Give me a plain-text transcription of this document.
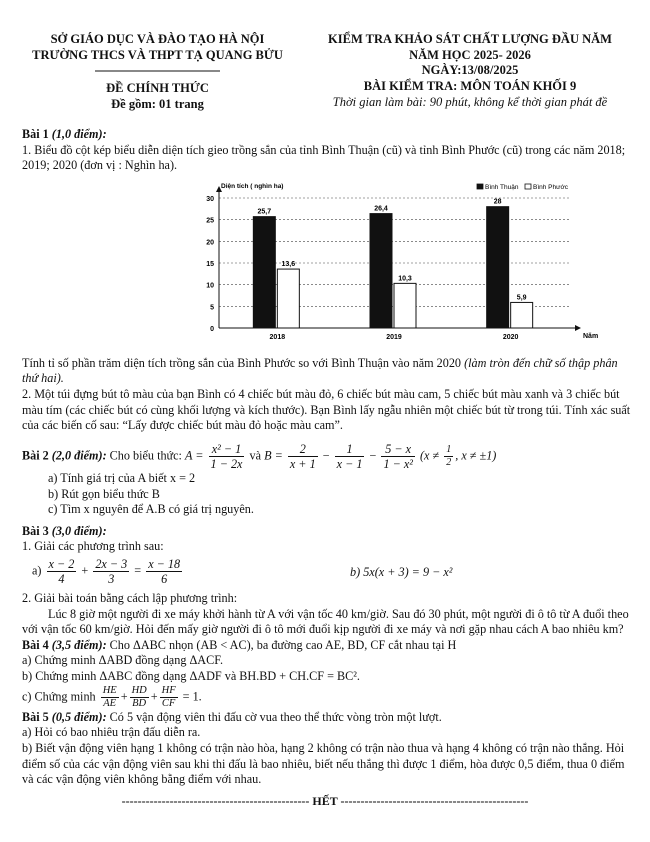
SỞ GIÁO DỤC VÀ ĐÀO TẠO HÀ NỘI
TRƯỜNG THCS VÀ THPT TẠ QUANG BỬU
ĐỀ CHÍNH THỨC
Đề gồm: 01 trang
KIỂM TRA KHẢO SÁT CHẤT LƯỢNG ĐẦU NĂM
NĂM HỌC 2025- 2026
NGÀY:13/08/2025
BÀI KIỂM TRA: MÔN TOÁN KHỐI 9
Thời gian làm bài: 90 phút, không kể thời gian phát đề

Bài 1 (1,0 điểm):

1. Biểu đồ cột kép biểu diễn diện tích gieo trồng sắn của tỉnh Bình Thuận (cũ) và tỉnh Bình Phước (cũ) trong các năm 2018; 2019; 2020 (đơn vị : Nghìn ha).

0
5
10
15
20
25
30
Diện tích ( nghìn ha)
Năm
25,7
13,6
2018
26,4
10,3
2019
28
5,9
2020
Bình Thuận Bình Phước

Tính tỉ số phần trăm diện tích trồng sắn của Bình Phước so với Bình Thuận vào năm 2020 (làm tròn đến chữ số thập phân thứ hai).

2. Một túi đựng bút tô màu của bạn Bình có 4 chiếc bút màu đỏ, 6 chiếc bút màu cam, 5 chiếc bút màu xanh và 3 chiếc bút màu tím (các chiếc bút có cùng khối lượng và kích thước). Bạn Bình lấy ngẫu nhiên một chiếc bút từ trong túi. Tính xác suất của các biến cố sau: “Lấy được chiếc bút màu đỏ hoặc màu cam”.

Bài 2 (2,0 điểm): Cho biểu thức: $A = \frac{\text{x² − 1}}{1 - 2x}$ và $B = \frac{2}{x + 1} - \frac{1}{x - 1} - \frac{5 - x}{\text{1 − x²}} (x \ne \frac{1}{2}$ , x ≠ ±1)

a) Tính giá trị của A biết x = 2

b) Rút gọn biểu thức B

c) Tìm x nguyên để A.B có giá trị nguyên.

Bài 3 (3,0 điểm):

1. Giải các phương trình sau:

$a) \frac{x - 2}{4} + \frac{2x - 3}{3} = \frac{x - 18}{6}$	b) 5x(x + 3) = 9 − x²

2. Giải bài toán bằng cách lập phương trình:

Lúc 8 giờ một người đi xe máy khởi hành từ A với vận tốc 40 km/giờ. Sau đó 30 phút, một người đi ô tô từ A đuổi theo với vận tốc 60 km/giờ. Hỏi đến mấy giờ người đi ô tô mới đuổi kịp người đi xe máy và nơi gặp nhau cách A bao nhiêu km?

Bài 4 (3,5 điểm): Cho ΔABC nhọn (AB < AC), ba đường cao AE, BD, CF cắt nhau tại H

a) Chứng minh ΔABD đồng dạng ΔACF.

b) Chứng minh ΔABC đồng dạng ΔADF và BH.BD + CH.CF = BC².

c) Chứng minh $\frac{HE}{AE} + \frac{HD}{BD} + \frac{HF}{CF} = 1$.

Bài 5 (0,5 điểm): Có 5 vận động viên thi đấu cờ vua theo thể thức vòng tròn một lượt.

a) Hỏi có bao nhiêu trận đấu diễn ra.

b) Biết vận động viên hạng 1 không có trận nào hòa, hạng 2 không có trận nào thua và hạng 4 không có trận nào thắng. Hỏi điểm số của các vận động viên sau khi thi đấu là bao nhiêu, biết nếu thắng thì được 1 điểm, hòa được 0,5 điểm, thua 0 điểm và các vận động viên không bằng điểm với nhau.

----------------------------------------------- HẾT -----------------------------------------------
